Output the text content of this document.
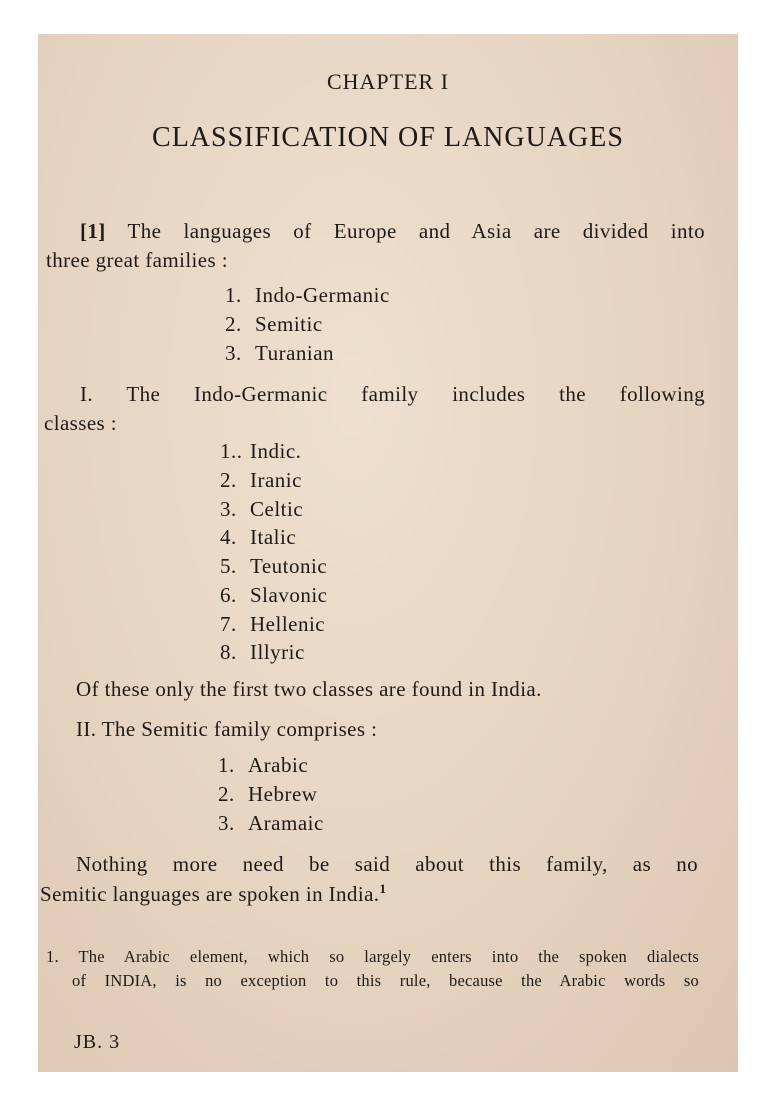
CHAPTER I
CLASSIFICATION OF LANGUAGES
[1] The languages of Europe and Asia are divided into
three great families :
1. Indo-Germanic
2. Semitic
3. Turanian
I. The Indo-Germanic family includes the following
classes :
1.. Indic.
2. Iranic
3. Celtic
4. Italic
5. Teutonic
6. Slavonic
7. Hellenic
8. Illyric
Of these only the first two classes are found in India.
II. The Semitic family comprises :
1. Arabic
2. Hebrew
3. Aramaic
Nothing more need be said about this family, as no
Semitic languages are spoken in India.$^1$
1. The Arabic element, which so largely enters into the spoken dialects
of INDIA, is no exception to this rule, because the Arabic words so
JB. 3
